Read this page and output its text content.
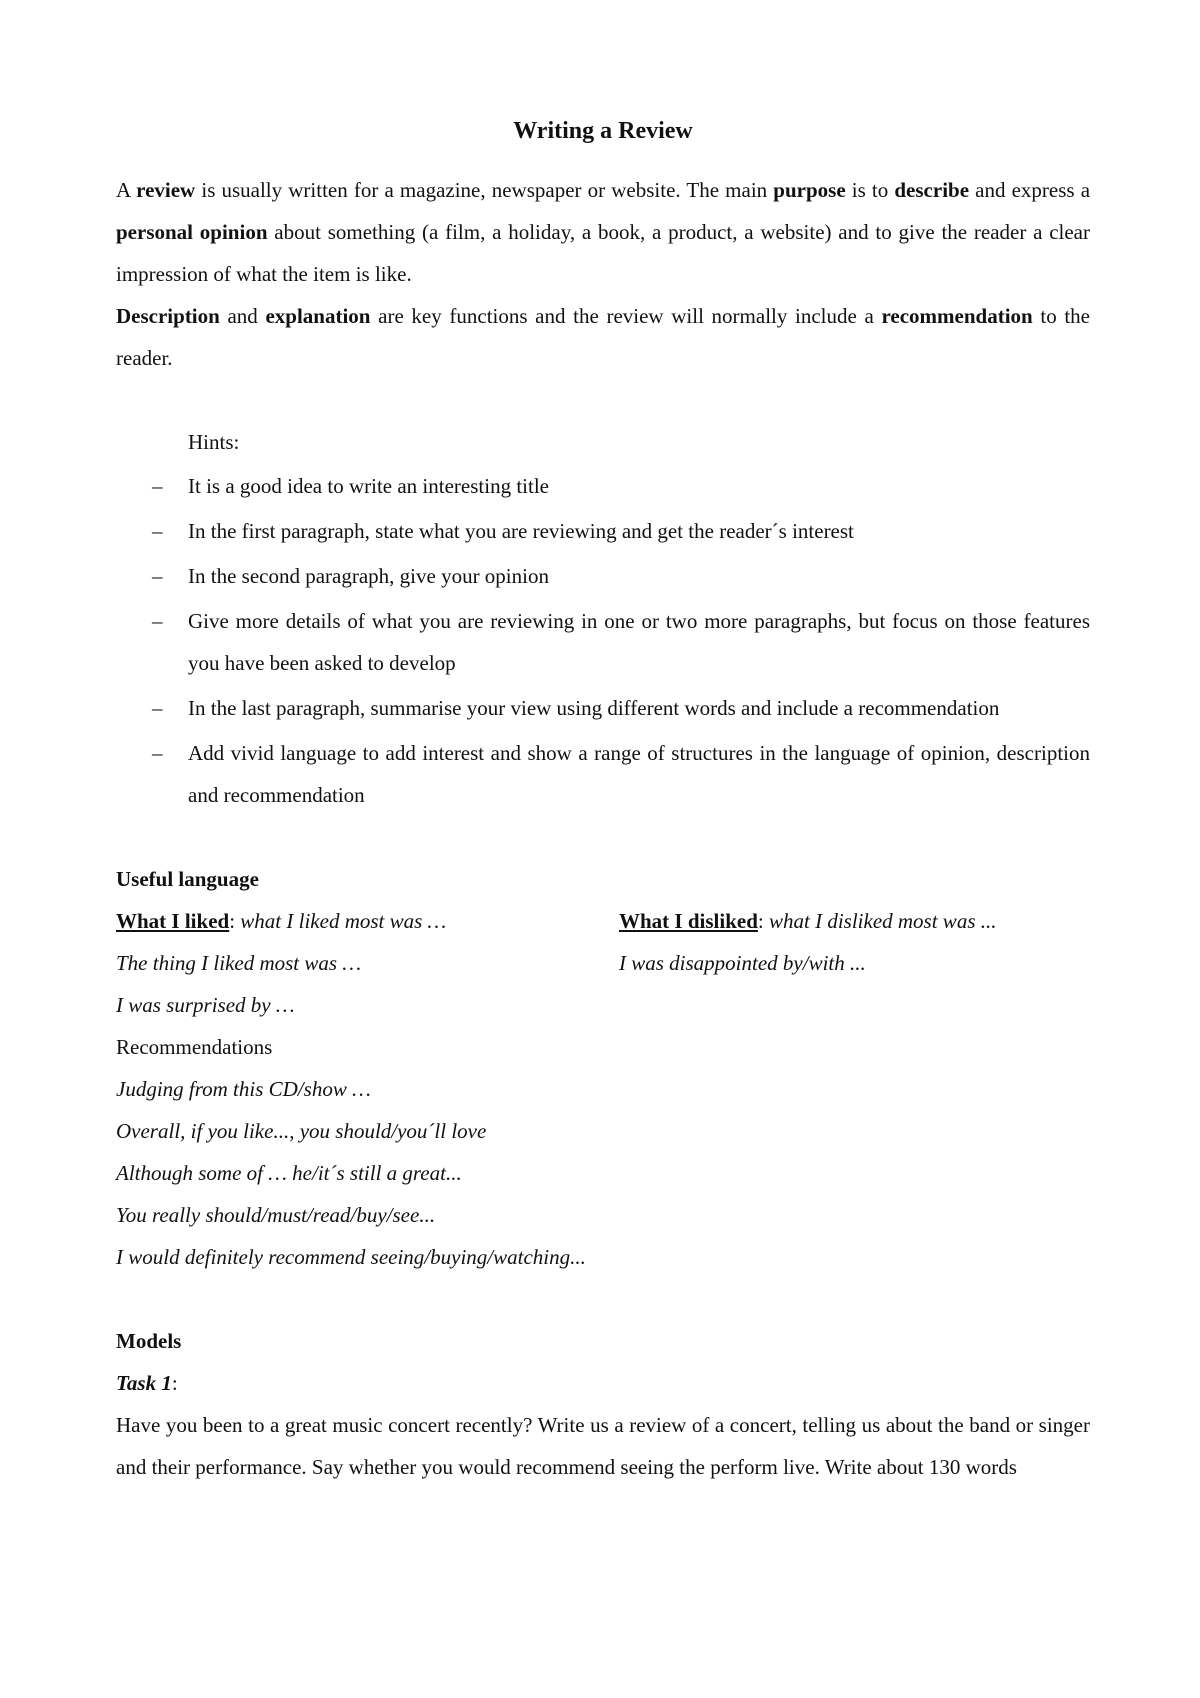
Writing a Review

A review is usually written for a magazine, newspaper or website. The main purpose is to describe and express a personal opinion about something (a film, a holiday, a book, a product, a website) and to give the reader a clear impression of what the item is like.

Description and explanation are key functions and the review will normally include a recommendation to the reader.

Hints:
– It is a good idea to write an interesting title
– In the first paragraph, state what you are reviewing and get the reader´s interest
– In the second paragraph, give your opinion
– Give more details of what you are reviewing in one or two more paragraphs, but focus on those features you have been asked to develop
– In the last paragraph, summarise your view using different words and include a recommendation
– Add vivid language to add interest and show a range of structures in the language of opinion, description and recommendation
Useful language
What I liked: what I liked most was …
The thing I liked most was …
I was surprised by …
What I disliked: what I disliked most was ...
I was disappointed by/with ...
Recommendations
Judging from this CD/show …
Overall, if you like..., you should/you´ll love
Although some of … he/it´s still a great...
You really should/must/read/buy/see...
I would definitely recommend seeing/buying/watching...
Models
Task 1:

Have you been to a great music concert recently? Write us a review of a concert, telling us about the band or singer and their performance. Say whether you would recommend seeing the perform live. Write about 130 words
